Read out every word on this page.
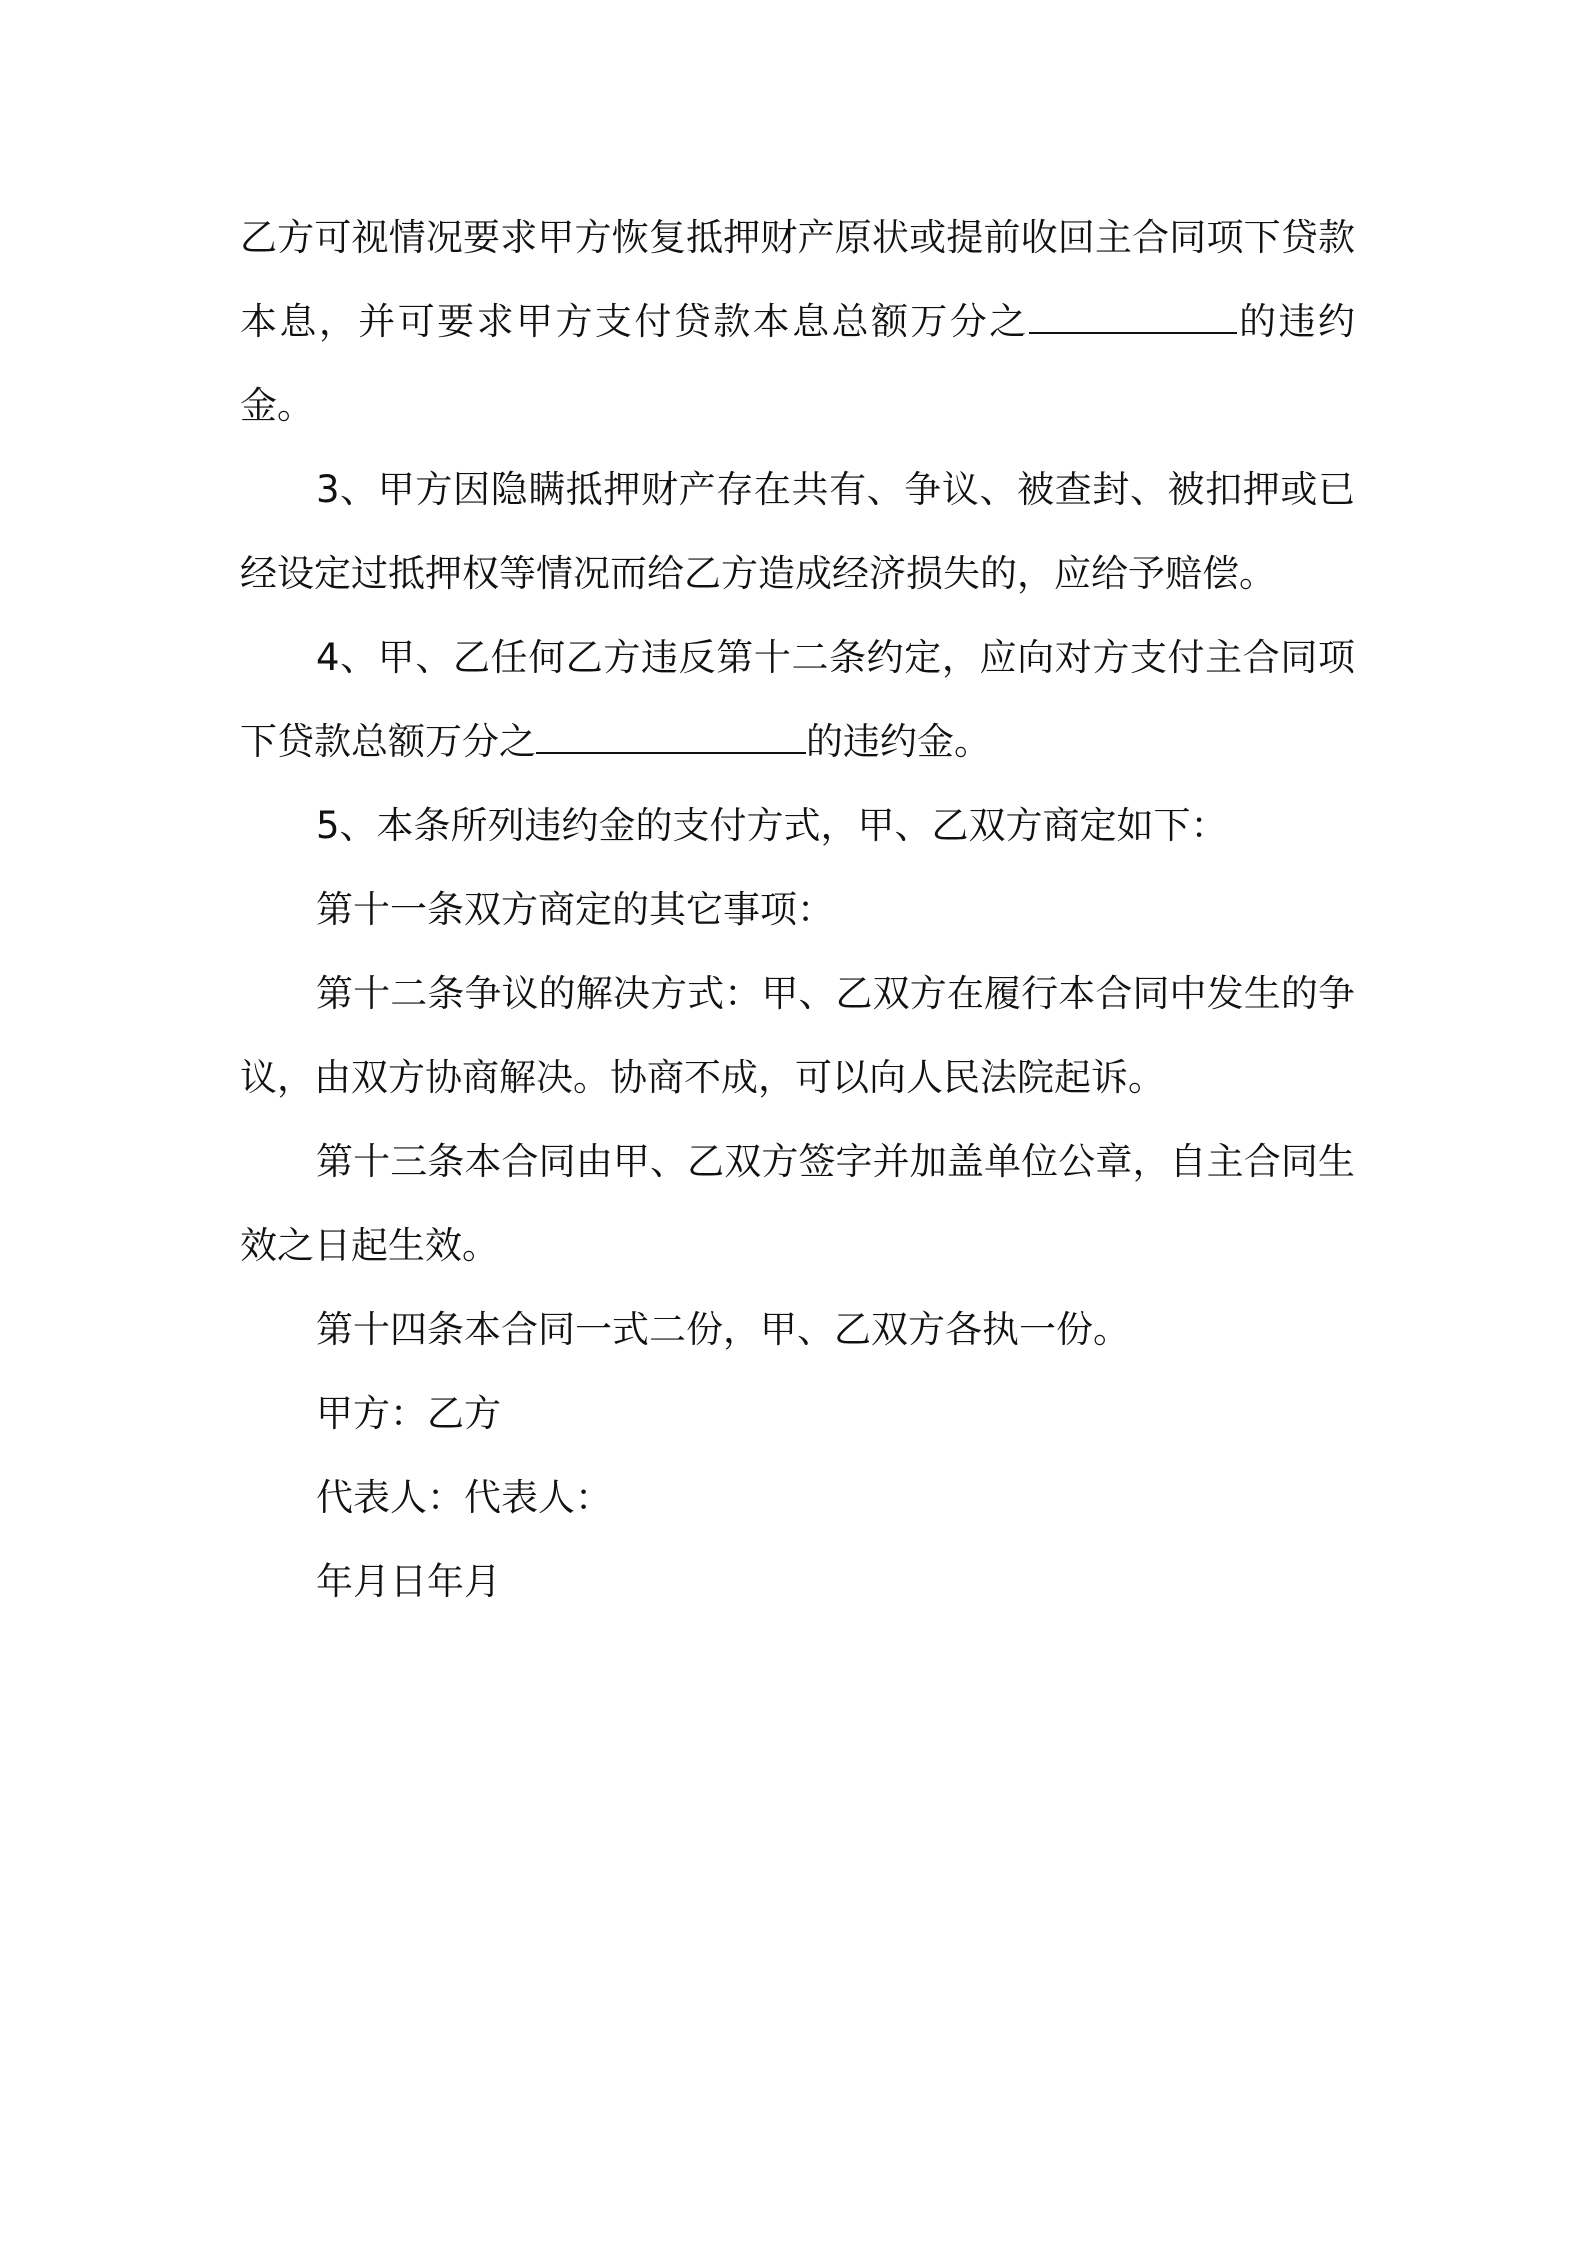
乙方可视情况要求甲方恢复抵押财产原状或提前收回主合同项下贷款本息，并可要求甲方支付贷款本息总额万分之	的违约金。

3、甲方因隐瞒抵押财产存在共有、争议、被查封、被扣押或已经设定过抵押权等情况而给乙方造成经济损失的，应给予赔偿。

4、甲、乙任何乙方违反第十二条约定，应向对方支付主合同项下贷款总额万分之	的违约金。

5、本条所列违约金的支付方式，甲、乙双方商定如下：

第十一条双方商定的其它事项：

第十二条争议的解决方式：甲、乙双方在履行本合同中发生的争议，由双方协商解决。协商不成，可以向人民法院起诉。

第十三条本合同由甲、乙双方签字并加盖单位公章，自主合同生效之日起生效。

第十四条本合同一式二份，甲、乙双方各执一份。

甲方：乙方

代表人：代表人：

年月日年月
